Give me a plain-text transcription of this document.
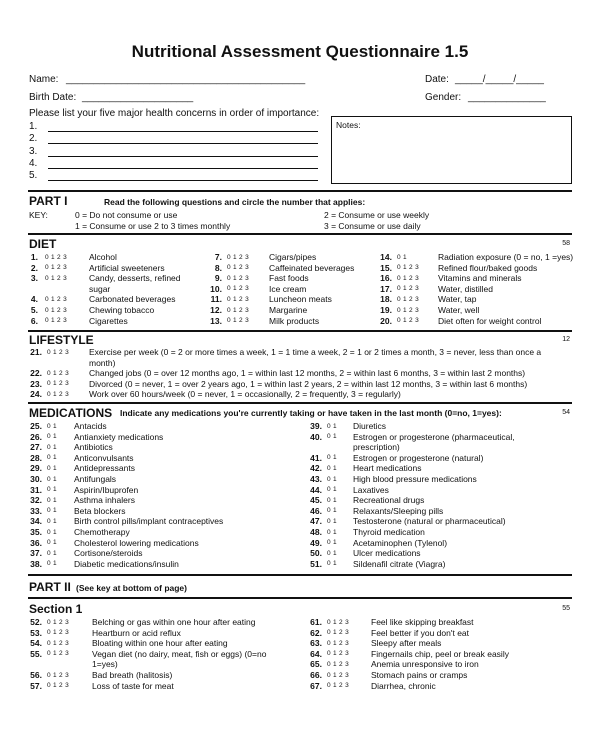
Nutritional Assessment Questionnaire 1.5
Name: ___________________________________________	Date: _____/_____/_____
Birth Date: ____________________	Gender: ______________
Please list your five major health concerns in order of importance:
1.
2.
3.
4.
5.
Notes:
PART I	Read the following questions and circle the number that applies:
KEY:	0 = Do not consume or use
1 = Consume or use 2 to 3 times monthly
2 = Consume or use weekly
3 = Consume or use daily
DIET	58
1. 0 1 2 3	Alcohol
2. 0 1 2 3	Artificial sweeteners
3. 0 1 2 3	Candy, desserts, refined
sugar
4. 0 1 2 3	Carbonated beverages
5. 0 1 2 3	Chewing tobacco
6. 0 1 2 3	Cigarettes
7. 0 1 2 3 Cigars/pipes
8. 0 1 2 3 Caffeinated beverages
9. 0 1 2 3 Fast foods
10. 0 1 2 3 Ice cream
11. 0 1 2 3 Luncheon meats
12. 0 1 2 3 Margarine
13. 0 1 2 3 Milk products
14. 0 1	Radiation exposure (0 = no, 1 =yes)
15. 0 1 2 3 Refined flour/baked goods
16. 0 1 2 3 Vitamins and minerals
17. 0 1 2 3 Water, distilled
18. 0 1 2 3 Water, tap
19. 0 1 2 3 Water, well
20. 0 1 2 3 Diet often for weight control
LIFESTYLE	12
21. 0 1 2 3 Exercise per week (0 = 2 or more times a week, 1 = 1 time a week, 2 = 1 or 2 times a month, 3 = never, less than once a
month)
22. 0 1 2 3 Changed jobs (0 = over 12 months ago, 1 = within last 12 months, 2 = within last 6 months, 3 = within last 2 months)
23. 0 1 2 3 Divorced (0 = never, 1 = over 2 years ago, 1 = within last 2 years, 2 = within last 12 months, 3 = within last 6 months)
24. 0 1 2 3 Work over 60 hours/week (0 = never, 1 = occasionally, 2 = frequently, 3 = regularly)
MEDICATIONS Indicate any medications you're currently taking or have taken in the last month (0=no, 1=yes):	54
25. 0 1 Antacids
26. 0 1 Antianxiety medications
27. 0 1 Antibiotics
28. 0 1 Anticonvulsants
29. 0 1 Antidepressants
30. 0 1 Antifungals
31. 0 1 Aspirin/Ibuprofen
32. 0 1 Asthma inhalers
33. 0 1 Beta blockers
34. 0 1 Birth control pills/implant contraceptives
35. 0 1 Chemotherapy
36. 0 1 Cholesterol lowering medications
37. 0 1 Cortisone/steroids
38. 0 1 Diabetic medications/insulin
39. 0 1 Diuretics
40. 0 1 Estrogen or progesterone (pharmaceutical,
prescription)
41. 0 1 Estrogen or progesterone (natural)
42. 0 1 Heart medications
43. 0 1 High blood pressure medications
44. 0 1 Laxatives
45. 0 1 Recreational drugs
46. 0 1 Relaxants/Sleeping pills
47. 0 1 Testosterone (natural or pharmaceutical)
48. 0 1 Thyroid medication
49. 0 1 Acetaminophen (Tylenol)
50. 0 1 Ulcer medications
51. 0 1 Sildenafil citrate (Viagra)
PART II (See key at bottom of page)
Section 1	55
52. 0 1 2 3	Belching or gas within one hour after eating
53. 0 1 2 3	Heartburn or acid reflux
54. 0 1 2 3	Bloating within one hour after eating
55. 0 1 2 3	Vegan diet (no dairy, meat, fish or eggs) (0=no
1=yes)
56. 0 1 2 3	Bad breath (halitosis)
57. 0 1 2 3	Loss of taste for meat
61. 0 1 2 3	Feel like skipping breakfast
62. 0 1 2 3	Feel better if you don't eat
63. 0 1 2 3	Sleepy after meals
64. 0 1 2 3	Fingernails chip, peel or break easily
65. 0 1 2 3	Anemia unresponsive to iron
66. 0 1 2 3	Stomach pains or cramps
67. 0 1 2 3	Diarrhea, chronic
